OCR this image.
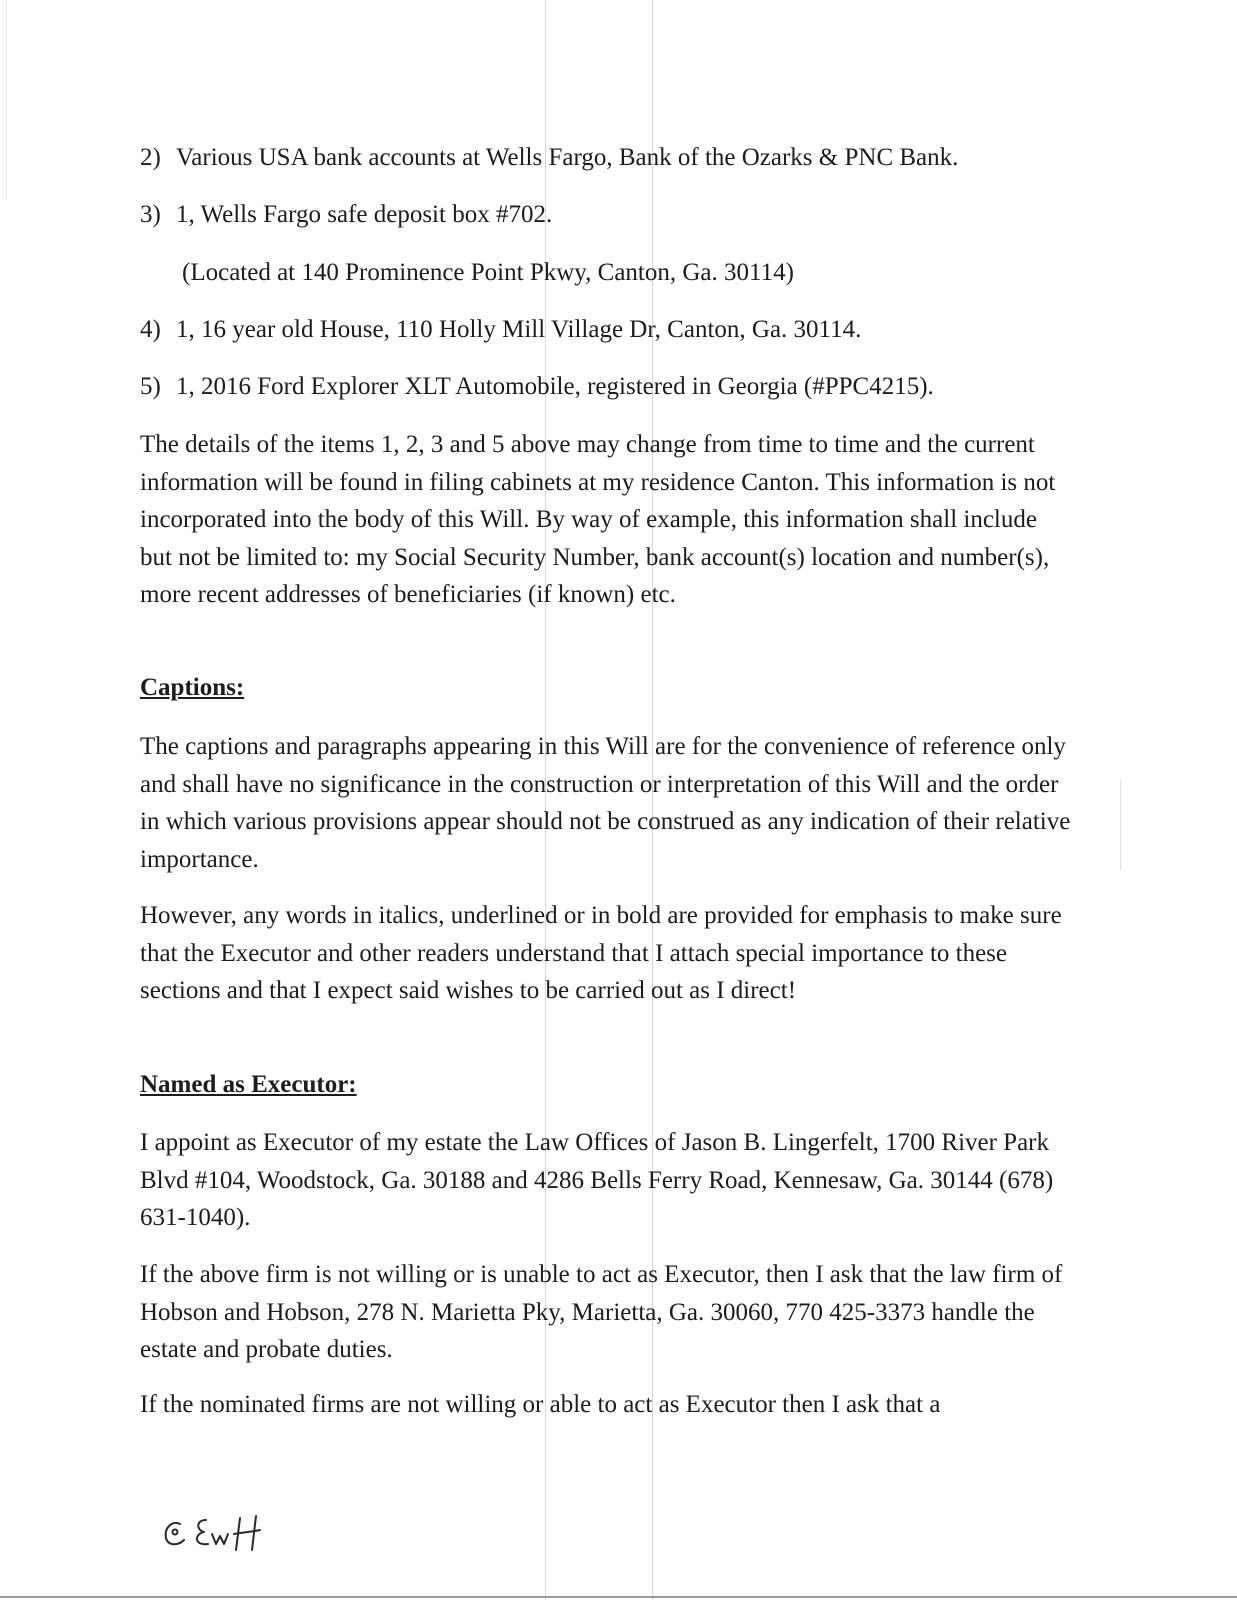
2) Various USA bank accounts at Wells Fargo, Bank of the Ozarks & PNC Bank.
3) 1, Wells Fargo safe deposit box #702.
(Located at 140 Prominence Point Pkwy, Canton, Ga. 30114)
4) 1, 16 year old House, 110 Holly Mill Village Dr, Canton, Ga. 30114.
5) 1, 2016 Ford Explorer XLT Automobile, registered in Georgia (#PPC4215).
The details of the items 1, 2, 3 and 5 above may change from time to time and the current information will be found in filing cabinets at my residence Canton. This information is not incorporated into the body of this Will. By way of example, this information shall include but not be limited to: my Social Security Number, bank account(s) location and number(s), more recent addresses of beneficiaries (if known) etc.
Captions:
The captions and paragraphs appearing in this Will are for the convenience of reference only and shall have no significance in the construction or interpretation of this Will and the order in which various provisions appear should not be construed as any indication of their relative importance.
However, any words in italics, underlined or in bold are provided for emphasis to make sure that the Executor and other readers understand that I attach special importance to these sections and that I expect said wishes to be carried out as I direct!
Named as Executor:
I appoint as Executor of my estate the Law Offices of Jason B. Lingerfelt, 1700 River Park Blvd #104, Woodstock, Ga. 30188 and 4286 Bells Ferry Road, Kennesaw, Ga. 30144 (678) 631-1040).
If the above firm is not willing or is unable to act as Executor, then I ask that the law firm of Hobson and Hobson, 278 N. Marietta Pky, Marietta, Ga. 30060, 770 425-3373 handle the estate and probate duties.
If the nominated firms are not willing or able to act as Executor then I ask that a
